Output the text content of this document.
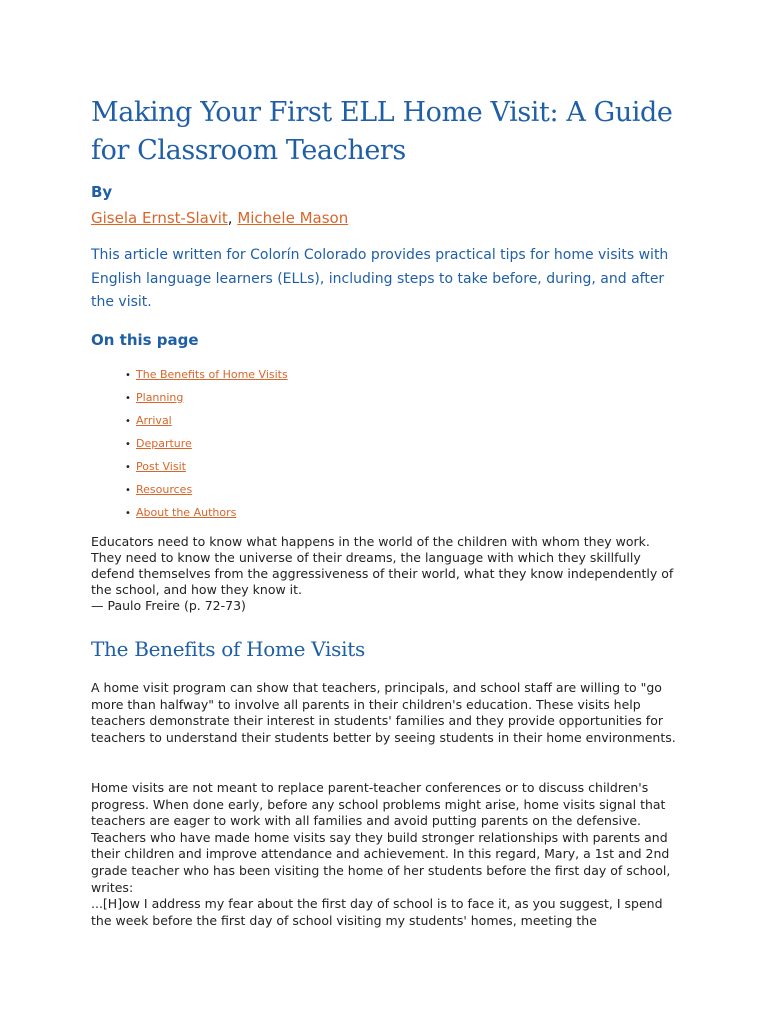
Making Your First ELL Home Visit: A Guide for Classroom Teachers
By
Gisela Ernst-Slavit, Michele Mason

This article written for Colorín Colorado provides practical tips for home visits with English language learners (ELLs), including steps to take before, during, and after the visit.

On this page
• The Benefits of Home Visits
• Planning
• Arrival
• Departure
• Post Visit
• Resources
• About the Authors
Educators need to know what happens in the world of the children with whom they work. They need to know the universe of their dreams, the language with which they skillfully defend themselves from the aggressiveness of their world, what they know independently of the school, and how they know it.
— Paulo Freire (p. 72-73)
The Benefits of Home Visits

A home visit program can show that teachers, principals, and school staff are willing to "go more than halfway" to involve all parents in their children's education. These visits help teachers demonstrate their interest in students' families and they provide opportunities for teachers to understand their students better by seeing students in their home environments.

Home visits are not meant to replace parent-teacher conferences or to discuss children's progress. When done early, before any school problems might arise, home visits signal that teachers are eager to work with all families and avoid putting parents on the defensive. Teachers who have made home visits say they build stronger relationships with parents and their children and improve attendance and achievement. In this regard, Mary, a 1st and 2nd grade teacher who has been visiting the home of her students before the first day of school, writes:
...[H]ow I address my fear about the first day of school is to face it, as you suggest, I spend the week before the first day of school visiting my students' homes, meeting the
